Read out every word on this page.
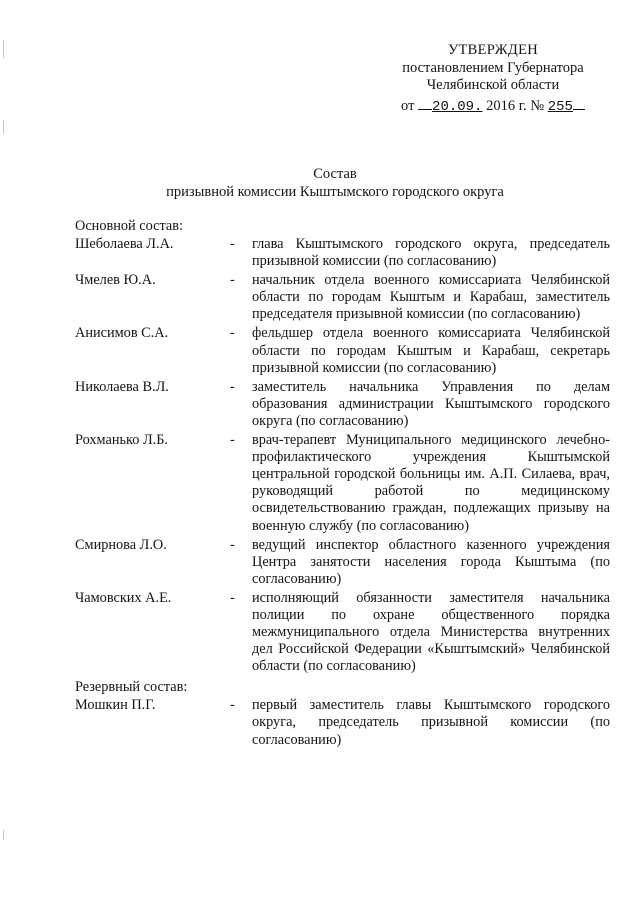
УТВЕРЖДЕН
постановлением Губернатора
Челябинской области
от 20.09. 2016 г. № 255
Состав
призывной комиссии Кыштымского городского округа
Основной состав:
Шеболаева Л.А.	-	глава Кыштымского городского округа, председатель призывной комиссии (по согласованию)
Чмелев Ю.А.	-	начальник отдела военного комиссариата Челябинской области по городам Кыштым и Карабаш, заместитель председателя призывной комиссии (по согласованию)
Анисимов С.А.	-	фельдшер отдела военного комиссариата Челябинской области по городам Кыштым и Карабаш, секретарь призывной комиссии (по согласованию)
Николаева В.Л.	-	заместитель начальника Управления по делам образования администрации Кыштымского городского округа (по согласованию)
Рохманько Л.Б.	-	врач-терапевт Муниципального медицинского лечебно-профилактического учреждения Кыштымской центральной городской больницы им. А.П. Силаева, врач, руководящий работой по медицинскому освидетельствованию граждан, подлежащих призыву на военную службу (по согласованию)
Смирнова Л.О.	-	ведущий инспектор областного казенного учреждения Центра занятости населения города Кыштыма (по согласованию)
Чамовских А.Е.	-	исполняющий обязанности заместителя начальника полиции по охране общественного порядка межмуниципального отдела Министерства внутренних дел Российской Федерации «Кыштымский» Челябинской области (по согласованию)
Резервный состав:
Мошкин П.Г.	-	первый заместитель главы Кыштымского городского округа, председатель призывной комиссии (по согласованию)
